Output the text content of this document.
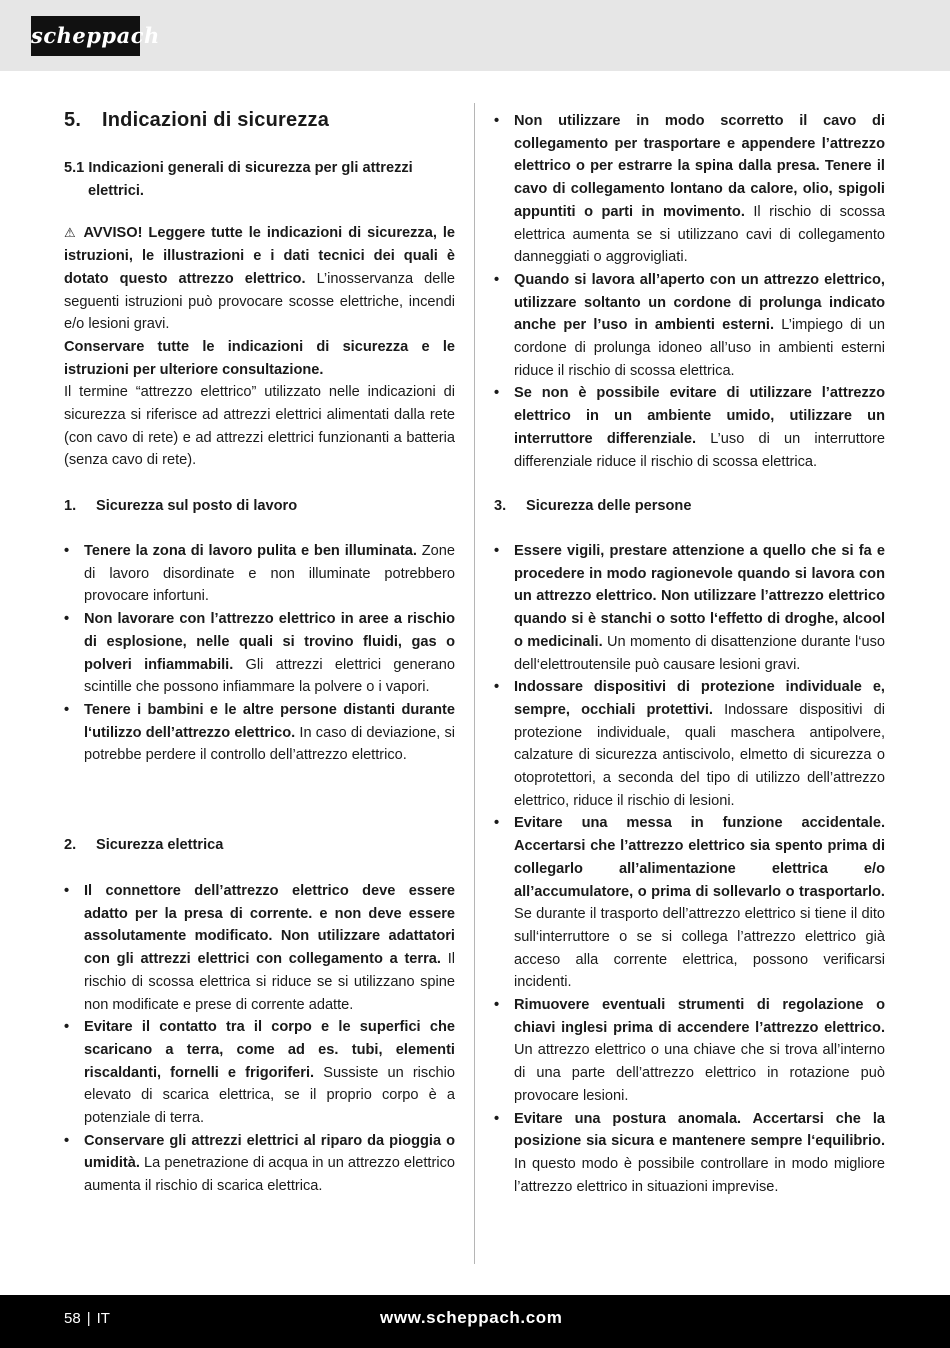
scheppach

5. Indicazioni di sicurezza

5.1 Indicazioni generali di sicurezza per gli attrezzi elettrici.

⚠ AVVISO! Leggere tutte le indicazioni di sicurezza, le istruzioni, le illustrazioni e i dati tecnici dei quali è dotato questo attrezzo elettrico. L’inosservanza delle seguenti istruzioni può provocare scosse elettriche, incendi e/o lesioni gravi.

Conservare tutte le indicazioni di sicurezza e le istruzioni per ulteriore consultazione.

Il termine “attrezzo elettrico” utilizzato nelle indicazioni di sicurezza si riferisce ad attrezzi elettrici alimentati dalla rete (con cavo di rete) e ad attrezzi elettrici funzionanti a batteria (senza cavo di rete).

1. Sicurezza sul posto di lavoro
• Tenere la zona di lavoro pulita e ben illuminata. Zone di lavoro disordinate e non illuminate potrebbero provocare infortuni.
• Non lavorare con l’attrezzo elettrico in aree a rischio di esplosione, nelle quali si trovino fluidi, gas o polveri infiammabili. Gli attrezzi elettrici generano scintille che possono infiammare la polvere o i vapori.
• Tenere i bambini e le altre persone distanti durante l‘utilizzo dell’attrezzo elettrico. In caso di deviazione, si potrebbe perdere il controllo dell’attrezzo elettrico.
2. Sicurezza elettrica
• Il connettore dell’attrezzo elettrico deve essere adatto per la presa di corrente. e non deve essere assolutamente modificato. Non utilizzare adattatori con gli attrezzi elettrici con collegamento a terra. Il rischio di scossa elettrica si riduce se si utilizzano spine non modificate e prese di corrente adatte.
• Evitare il contatto tra il corpo e le superfici che scaricano a terra, come ad es. tubi, elementi riscaldanti, fornelli e frigoriferi. Sussiste un rischio elevato di scarica elettrica, se il proprio corpo è a potenziale di terra.
• Conservare gli attrezzi elettrici al riparo da pioggia o umidità. La penetrazione di acqua in un attrezzo elettrico aumenta il rischio di scarica elettrica.
• Non utilizzare in modo scorretto il cavo di collegamento per trasportare e appendere l’attrezzo elettrico o per estrarre la spina dalla presa. Tenere il cavo di collegamento lontano da calore, olio, spigoli appuntiti o parti in movimento. Il rischio di scossa elettrica aumenta se si utilizzano cavi di collegamento danneggiati o aggrovigliati.
• Quando si lavora all’aperto con un attrezzo elettrico, utilizzare soltanto un cordone di prolunga indicato anche per l’uso in ambienti esterni. L’impiego di un cordone di prolunga idoneo all’uso in ambienti esterni riduce il rischio di scossa elettrica.
• Se non è possibile evitare di utilizzare l’attrezzo elettrico in un ambiente umido, utilizzare un interruttore differenziale. L’uso di un interruttore differenziale riduce il rischio di scossa elettrica.
3. Sicurezza delle persone
• Essere vigili, prestare attenzione a quello che si fa e procedere in modo ragionevole quando si lavora con un attrezzo elettrico. Non utilizzare l’attrezzo elettrico quando si è stanchi o sotto l‘effetto di droghe, alcool o medicinali. Un momento di disattenzione durante l‘uso dell‘elettroutensile può causare lesioni gravi.
• Indossare dispositivi di protezione individuale e, sempre, occhiali protettivi. Indossare dispositivi di protezione individuale, quali maschera antipolvere, calzature di sicurezza antiscivolo, elmetto di sicurezza o otoprotettori, a seconda del tipo di utilizzo dell’attrezzo elettrico, riduce il rischio di lesioni.
• Evitare una messa in funzione accidentale. Accertarsi che l’attrezzo elettrico sia spento prima di collegarlo all’alimentazione elettrica e/o all’accumulatore, o prima di sollevarlo o trasportarlo. Se durante il trasporto dell’attrezzo elettrico si tiene il dito sull‘interruttore o se si collega l’attrezzo elettrico già acceso alla corrente elettrica, possono verificarsi incidenti.
• Rimuovere eventuali strumenti di regolazione o chiavi inglesi prima di accendere l’attrezzo elettrico. Un attrezzo elettrico o una chiave che si trova all’interno di una parte dell’attrezzo elettrico in rotazione può provocare lesioni.
• Evitare una postura anomala. Accertarsi che la posizione sia sicura e mantenere sempre l‘equilibrio. In questo modo è possibile controllare in modo migliore l’attrezzo elettrico in situazioni imprevise.
58 | IT	www.scheppach.com
